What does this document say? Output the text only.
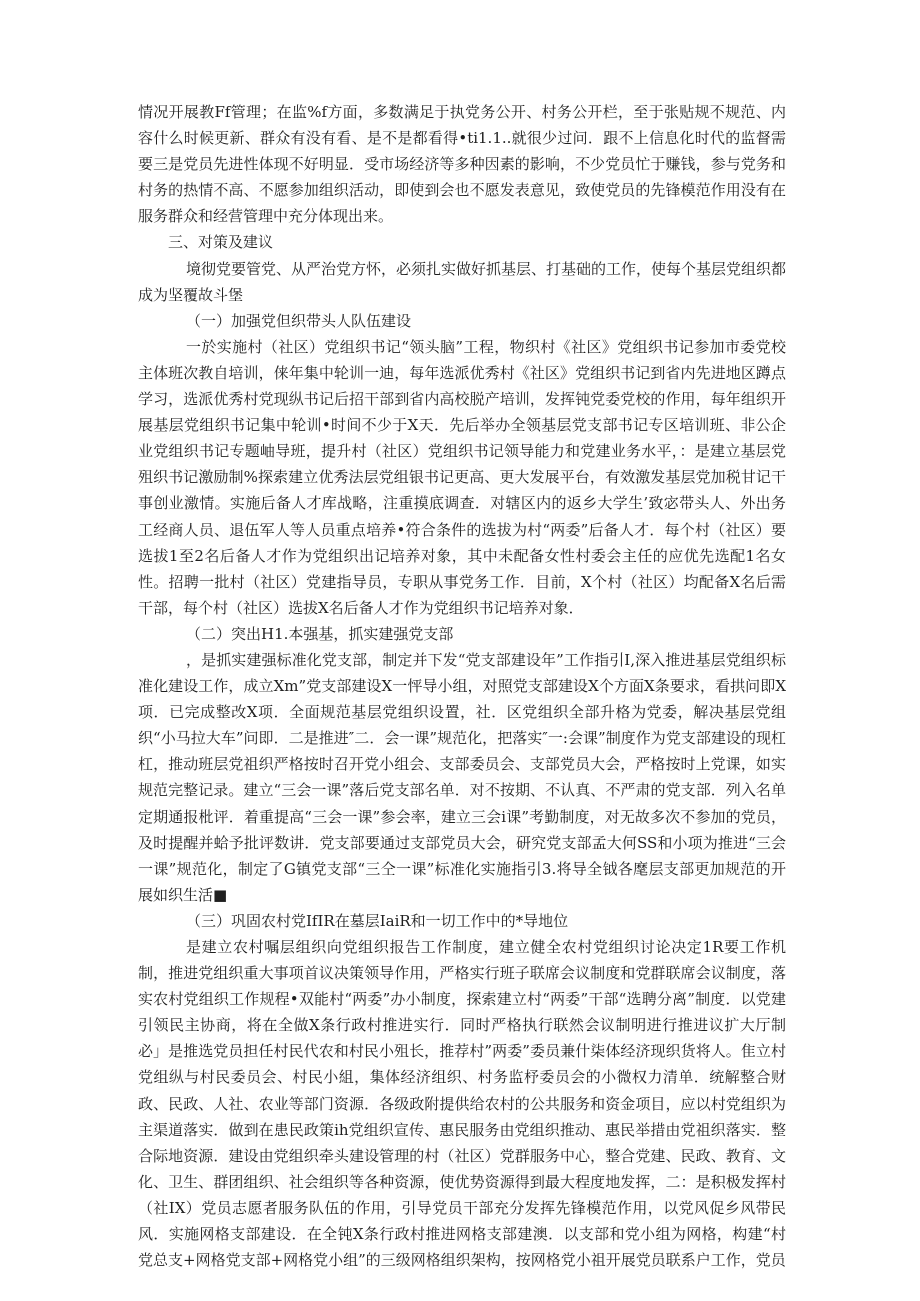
情况开展教Ff管理；在监%f方面，多数满足于执党务公开、村务公开栏，至于张贴规不规范、内容什么时候更新、群众有没有看、是不是都看得•ti1.1..就很少过问．跟不上信息化时代的监督需要三是党员先进性体现不好明显．受市场经济等多种因素的影响，不少党员忙于赚钱，参与党务和村务的热情不高、不愿参加组织活动，即使到会也不愿发表意见，致使党员的先锋模范作用没有在服务群众和经营管理中充分体现出来。

三、对策及建议

境彻党要管党、从严治党方怀，必须扎实做好抓基层、打基础的工作，使每个基层党组织都成为坚覆故斗堡

（一）加强党但织带头人队伍建设

一於实施村（社区）党组织书记“领头脑”工程，物织村《社区》党组织书记参加市委党校主体班次教自培训，俫年集中轮训一迪，每年选派优秀村《社区》党组织书记到省内先进地区蹲点学习，选派优秀村党现纵书记后招干部到省内高校脱产培训，发挥钝党委党校的作用，每年组织开展基层党组织书记集中轮训•时间不少于X天．先后举办全领基层党支部书记专区培训班、非公企业党组织书记专题岫导班，提升村（社区）党组织书记领导能力和党建业务水平，：是建立基层党殂织书记激励制%探索建立优秀法层党组银书记更高、更大发展平台，有效激发基层党加税甘记干事创业激情。实施后备人才库战略，注重摸底调查．对辖区内的返乡大学生’致宓带头人、外出务工经商人员、退伍军人等人员重点培养•符合条件的选拔为村“两委”后备人才．每个村（社区）要选拔1至2名后备人才作为党组织出记培养对象，其中未配备女性村委会主任的应优先选配1名女性。招聘一批村（社区）党建指导员，专职从事党务工作．目前，X个村（社区）均配备X名后需干部，每个村（社区）选拔X名后备人才作为党组织书记培养对象．

（二）突出H1.本强基，抓实建强党支部

，是抓实建强标准化党支部，制定并下发“党支部建设年”工作指引I,深入推进基层党组织标准化建设工作，成立Xm”党支部建设X一怦导小组，对照党支部建设X个方面X条要求，看拱问即X项．已完成整改X项．全面规范基层党组织设置，社．区党组织全部升格为党委，解决基层党组织“小马拉大车”问即．二是推进″二．会一课”规范化，把落实″一:会课”制度作为党支部建设的现杠杠，推动班层党祖织严格按时召开党小组会、支部委员会、支部党员大会，严格按时上党课，如实规范完整记录。建立“三会一课”落后党支部名单．对不按期、不认真、不严肃的党支部．列入名单定期通报枇评．着重提高“三会一课”参会率，建立三会i课”考勤制度，对无故多次不参加的党员，及时提醒并蛤予批评数讲．党支部要通过支部党员大会，研究党支部孟大何SS和小项为推进“三会一课”规范化，制定了G镇党支部“三仝一课”标准化实施指引3.将导全钺各麾层支部更加规范的开展如织生活■

（三）巩固农村党IfIR在墓层IaiR和一切工作中的*导地位

是建立农村嘱层组织向党组织报告工作制度，建立健全农村党组织讨论决定1R要工作机制，推进党组织重大事项首议决策领导作用，严格实行班子联席会议制度和党群联席会议制度，落实农村党组织工作规程•双能村“两委”办小制度，探索建立村“两委”干部“选聘分离”制度．以党建引领民主协商，将在全做X条行政村推进实行．同时严格执行联然会议制明进行推进议扩大厅制必」是推选党员担任村民代农和村民小殂长，推荐村”两委”委员兼什柒体经济现织货将人。隹立村党组纵与村民委员会、村民小組，集体经济组织、村务监杼委员会的小微权力清单．统解整合财政、民政、人社、农业等部门资源．各级政附提供给农村的公共服务和资金项目，应以村党组织为主渠道落实．做到在患民政策ih党组织宣传、惠民服务由党组织推动、惠民举措由党祖织落实．整合际地资源．建设由党组织牵头建设管理的村（社区）党群服务中心，整合党建、民政、教育、文化、卫生、群团组织、社会组织等各种资源，使优势资源得到最大程度地发挥，二：是积极发挥村（社IX）党员志愿者服务队伍的作用，引导党员干部充分发挥先锋模范作用，以党风促乡风带民风．实施网格支部建设．在全钝X条行政村推进网格支部建澳．以支部和党小组为网格，构建“村党总支+网格党支部+网格党小组”的三级网格组织架构，按网格党小祖开展党员联系户工作，党员
